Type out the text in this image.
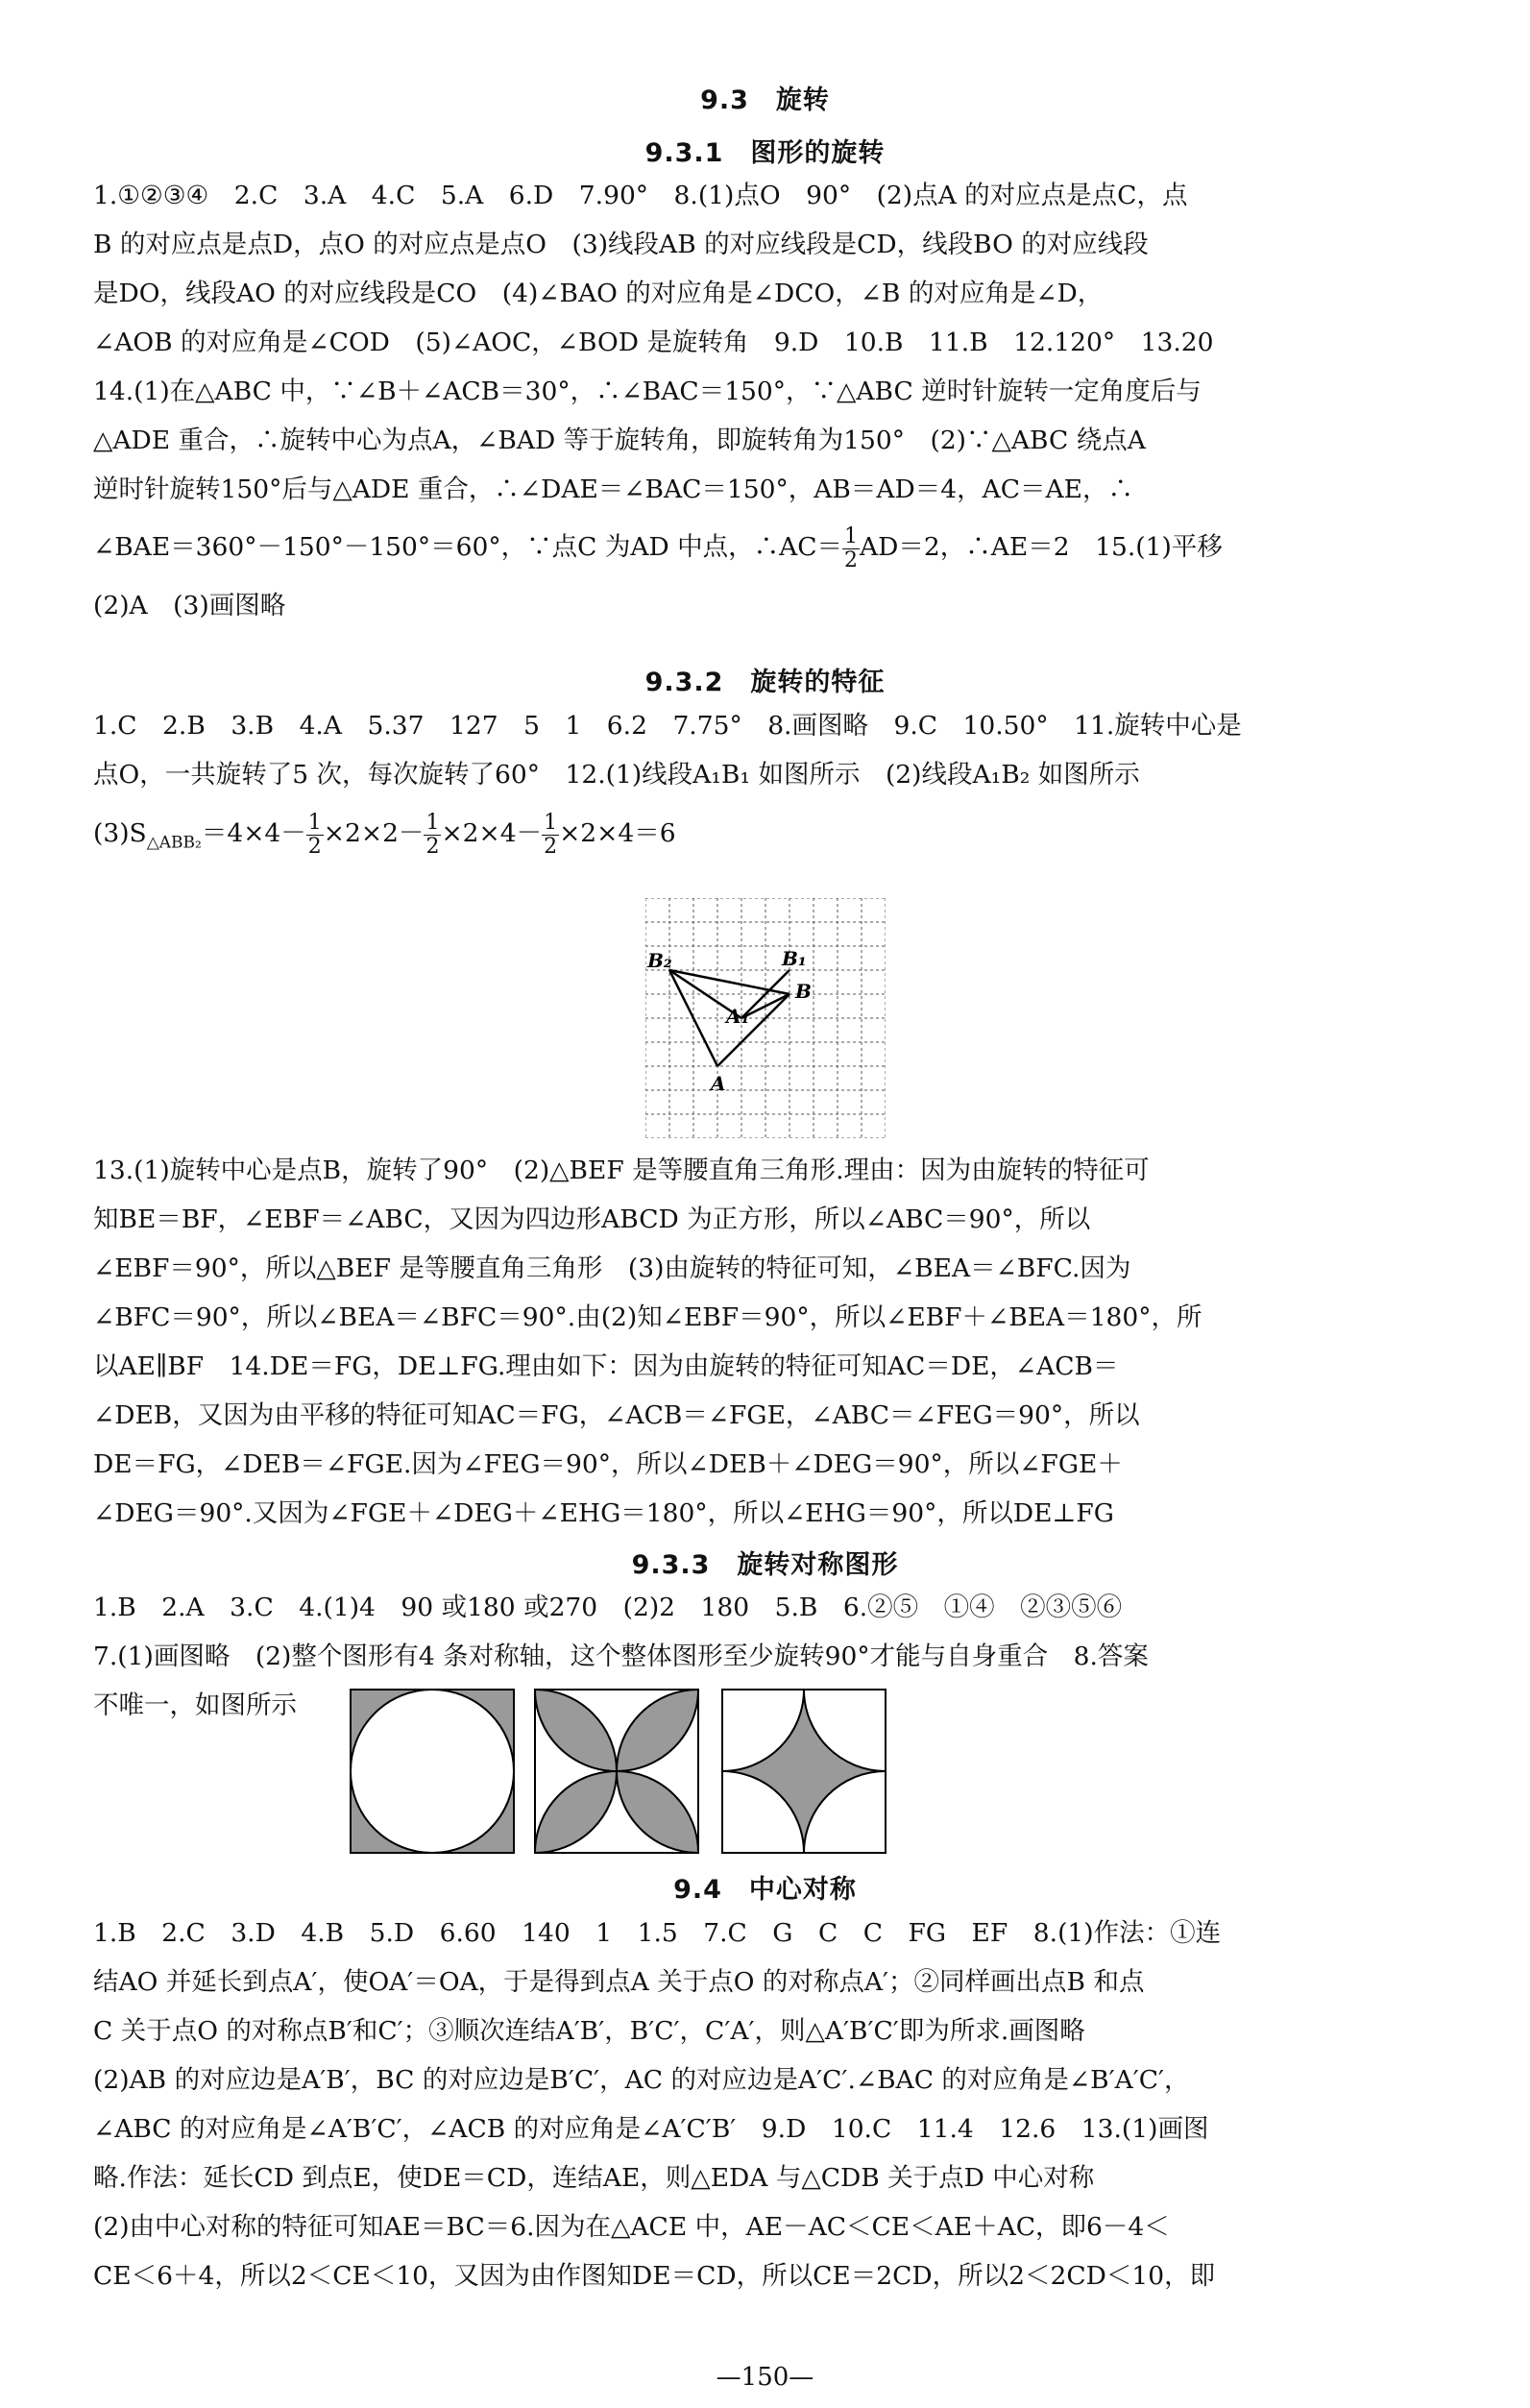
9.3　旋转
9.3.1　图形的旋转

1.①②③④　2.C　3.A　4.C　5.A　6.D　7.90°　8.(1)点O　90°　(2)点A 的对应点是点C，点

B 的对应点是点D，点O 的对应点是点O　(3)线段AB 的对应线段是CD，线段BO 的对应线段

是DO，线段AO 的对应线段是CO　(4)∠BAO 的对应角是∠DCO，∠B 的对应角是∠D，

∠AOB 的对应角是∠COD　(5)∠AOC，∠BOD 是旋转角　9.D　10.B　11.B　12.120°　13.20

14.(1)在△ABC 中，∵∠B＋∠ACB＝30°，∴∠BAC＝150°，∵△ABC 逆时针旋转一定角度后与

△ADE 重合，∴旋转中心为点A，∠BAD 等于旋转角，即旋转角为150°　(2)∵△ABC 绕点A

逆时针旋转150°后与△ADE 重合，∴∠DAE＝∠BAC＝150°，AB＝AD＝4，AC＝AE，∴

∠BAE＝360°－150°－150°＝60°，∵点C 为AD 中点，∴AC＝ $\frac{1}{2} AD=2$，∴AE＝2　15.(1)平移

(2)A　(3)画图略

9.3.2　旋转的特征

1.C　2.B　3.B　4.A　5.37　127　5　1　6.2　7.75°　8.画图略　9.C　10.50°　11.旋转中心是

点O，一共旋转了5 次，每次旋转了60°　12.(1)线段A₁B₁ 如图所示　(2)线段A₁B₂ 如图所示

$(3)S_{\triangle ABB_2}=4\times 4- \frac{1}{2} \times 2\times 2- \frac{1}{2} \times 2\times 4- \frac{1}{2} \times 2\times 4=6$

B₂	B₁
B
A₁
A

13.(1)旋转中心是点B，旋转了90°　(2)△BEF 是等腰直角三角形.理由：因为由旋转的特征可

知BE＝BF，∠EBF＝∠ABC，又因为四边形ABCD 为正方形，所以∠ABC＝90°，所以

∠EBF＝90°，所以△BEF 是等腰直角三角形　(3)由旋转的特征可知，∠BEA＝∠BFC.因为

∠BFC＝90°，所以∠BEA＝∠BFC＝90°.由(2)知∠EBF＝90°，所以∠EBF＋∠BEA＝180°，所

以AE∥BF　14.DE＝FG，DE⊥FG.理由如下：因为由旋转的特征可知AC＝DE，∠ACB＝

∠DEB，又因为由平移的特征可知AC＝FG，∠ACB＝∠FGE，∠ABC＝∠FEG＝90°，所以

DE＝FG，∠DEB＝∠FGE.因为∠FEG＝90°，所以∠DEB＋∠DEG＝90°，所以∠FGE＋

∠DEG＝90°.又因为∠FGE＋∠DEG＋∠EHG＝180°，所以∠EHG＝90°，所以DE⊥FG

9.3.3　旋转对称图形

1.B　2.A　3.C　4.(1)4　90 或180 或270　(2)2　180　5.B　6.②⑤　①④　②③⑤⑥

7.(1)画图略　(2)整个图形有4 条对称轴，这个整体图形至少旋转90°才能与自身重合　8.答案

不唯一，如图所示

9.4　中心对称

1.B　2.C　3.D　4.B　5.D　6.60　140　1　1.5　7.C　G　C　C　FG　EF　8.(1)作法：①连

结AO 并延长到点A′，使OA′＝OA，于是得到点A 关于点O 的对称点A′；②同样画出点B 和点

C 关于点O 的对称点B′和C′；③顺次连结A′B′，B′C′，C′A′，则△A′B′C′即为所求.画图略

(2)AB 的对应边是A′B′，BC 的对应边是B′C′，AC 的对应边是A′C′.∠BAC 的对应角是∠B′A′C′，

∠ABC 的对应角是∠A′B′C′，∠ACB 的对应角是∠A′C′B′　9.D　10.C　11.4　12.6　13.(1)画图

略.作法：延长CD 到点E，使DE＝CD，连结AE，则△EDA 与△CDB 关于点D 中心对称

(2)由中心对称的特征可知AE＝BC＝6.因为在△ACE 中，AE－AC＜CE＜AE＋AC，即6－4＜

CE＜6＋4，所以2＜CE＜10，又因为由作图知DE＝CD，所以CE＝2CD，所以2＜2CD＜10，即

—150—
